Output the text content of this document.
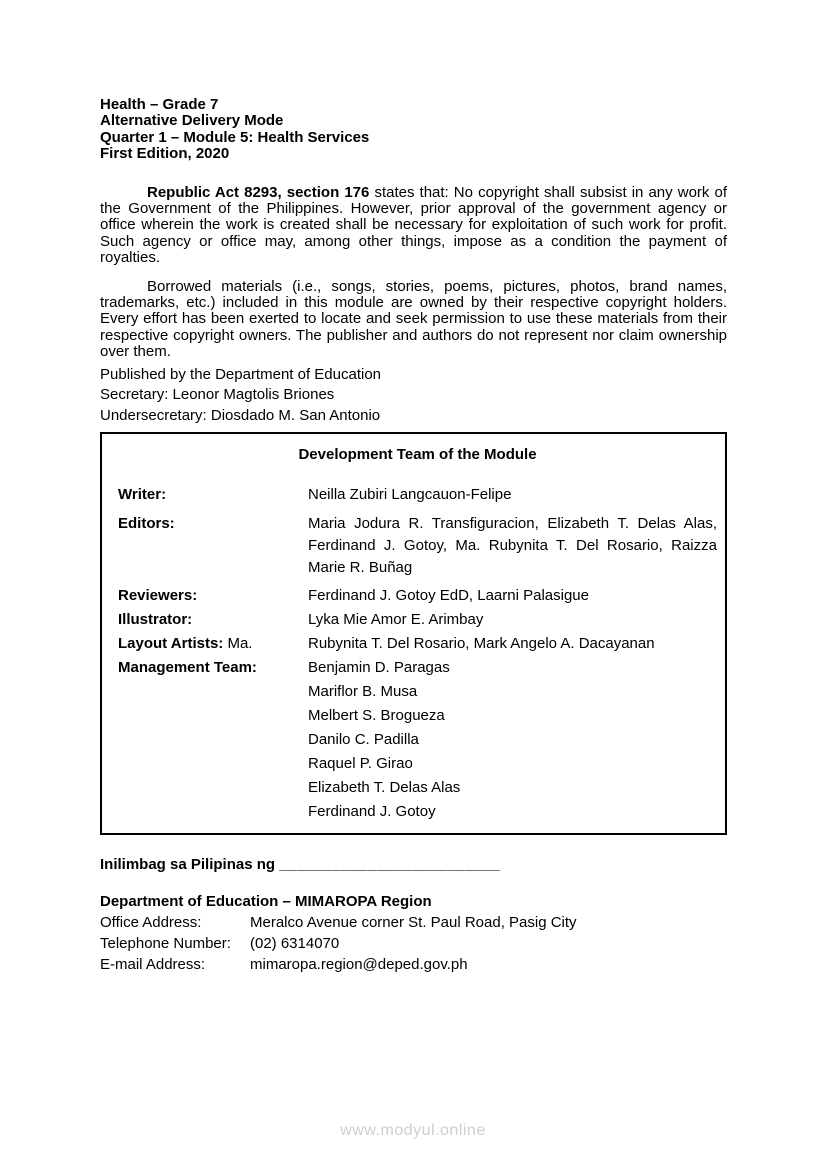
Health – Grade 7
Alternative Delivery Mode
Quarter 1 – Module 5: Health Services
First Edition, 2020

Republic Act 8293, section 176 states that: No copyright shall subsist in any work of the Government of the Philippines. However, prior approval of the government agency or office wherein the work is created shall be necessary for exploitation of such work for profit. Such agency or office may, among other things, impose as a condition the payment of royalties.

Borrowed materials (i.e., songs, stories, poems, pictures, photos, brand names, trademarks, etc.) included in this module are owned by their respective copyright holders. Every effort has been exerted to locate and seek permission to use these materials from their respective copyright owners. The publisher and authors do not represent nor claim ownership over them.

Published by the Department of Education
Secretary: Leonor Magtolis Briones
Undersecretary: Diosdado M. San Antonio
Development Team of the Module
Writer:	Neilla Zubiri Langcauon-Felipe
Editors:	Maria Jodura R. Transfiguracion, Elizabeth T. Delas Alas, Ferdinand J. Gotoy, Ma. Rubynita T. Del Rosario, Raizza Marie R. Buñag
Reviewers:	Ferdinand J. Gotoy EdD, Laarni Palasigue
Illustrator:	Lyka Mie Amor E. Arimbay
Layout Artists: Ma.	Rubynita T. Del Rosario, Mark Angelo A. Dacayanan
Management Team:	Benjamin D. Paragas
Mariflor B. Musa
Melbert S. Brogueza
Danilo C. Padilla
Raquel P. Girao
Elizabeth T. Delas Alas
Ferdinand J. Gotoy
Inilimbag sa Pilipinas ng _________________________
Department of Education – MIMAROPA Region
Office Address:	Meralco Avenue corner St. Paul Road, Pasig City
Telephone Number:	(02) 6314070
E-mail Address:	mimaropa.region@deped.gov.ph
www.modyul.online
